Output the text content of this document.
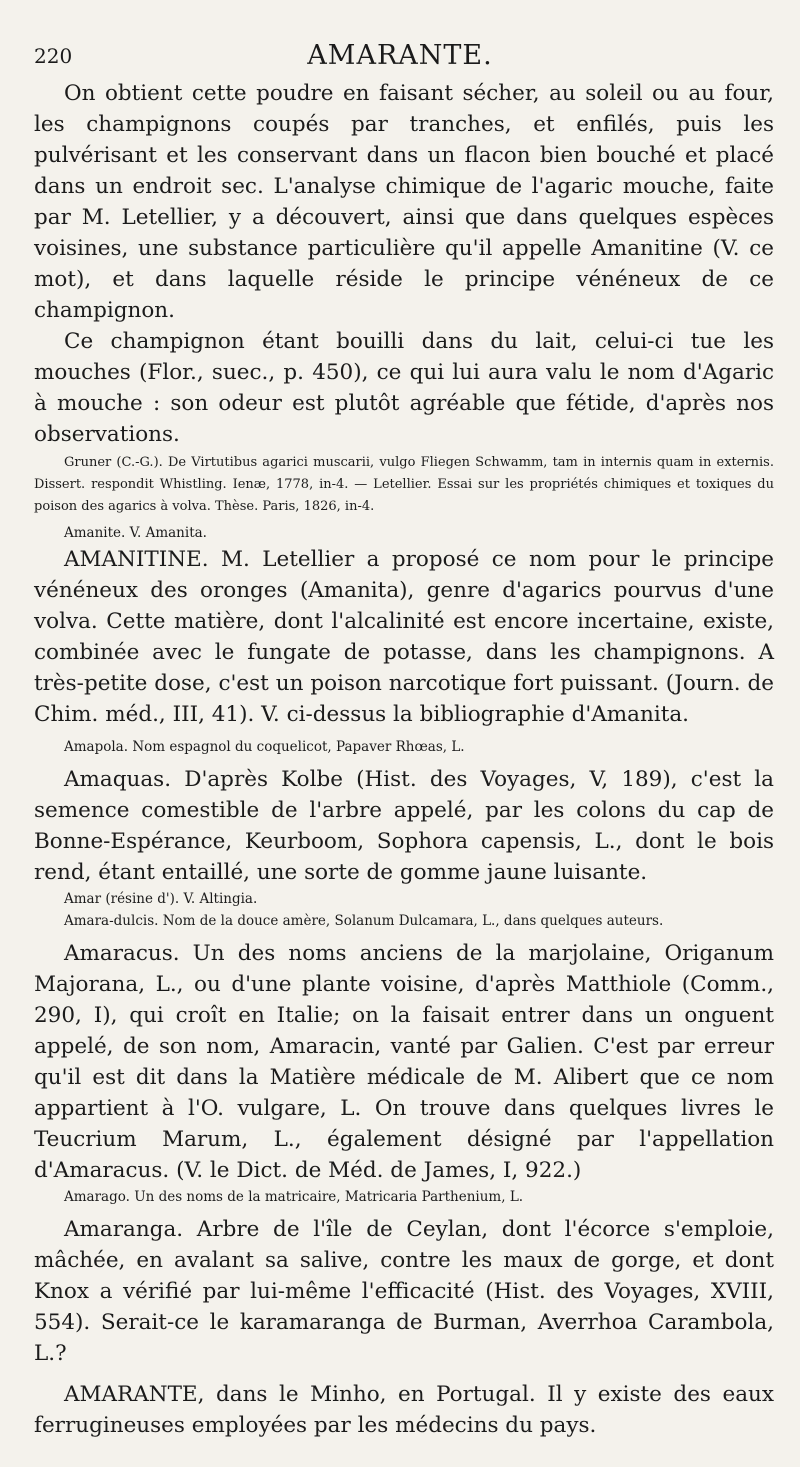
220	AMARANTE.

On obtient cette poudre en faisant sécher, au soleil ou au four, les champignons coupés par tranches, et enfilés, puis les pulvérisant et les conservant dans un flacon bien bouché et placé dans un endroit sec. L'analyse chimique de l'agaric mouche, faite par M. Letellier, y a découvert, ainsi que dans quelques espèces voisines, une substance particulière qu'il appelle Amanitine (V. ce mot), et dans laquelle réside le principe vénéneux de ce champignon.

Ce champignon étant bouilli dans du lait, celui-ci tue les mouches (Flor., suec., p. 450), ce qui lui aura valu le nom d'Agaric à mouche : son odeur est plutôt agréable que fétide, d'après nos observations.

Gruner (C.-G.). De Virtutibus agarici muscarii, vulgo Fliegen Schwamm, tam in internis quam in externis. Dissert. respondit Whistling. Ienæ, 1778, in-4. — Letellier. Essai sur les propriétés chimiques et toxiques du poison des agarics à volva. Thèse. Paris, 1826, in-4.

Amanite. V. Amanita.

AMANITINE. M. Letellier a proposé ce nom pour le principe vénéneux des oronges (Amanita), genre d'agarics pourvus d'une volva. Cette matière, dont l'alcalinité est encore incertaine, existe, combinée avec le fungate de potasse, dans les champignons. A très-petite dose, c'est un poison narcotique fort puissant. (Journ. de Chim. méd., III, 41). V. ci-dessus la bibliographie d'Amanita.

Amapola. Nom espagnol du coquelicot, Papaver Rhœas, L.

Amaquas. D'après Kolbe (Hist. des Voyages, V, 189), c'est la semence comestible de l'arbre appelé, par les colons du cap de Bonne-Espérance, Keurboom, Sophora capensis, L., dont le bois rend, étant entaillé, une sorte de gomme jaune luisante.

Amar (résine d'). V. Altingia.

Amara-dulcis. Nom de la douce amère, Solanum Dulcamara, L., dans quelques auteurs.

Amaracus. Un des noms anciens de la marjolaine, Origanum Majorana, L., ou d'une plante voisine, d'après Matthiole (Comm., 290, I), qui croît en Italie; on la faisait entrer dans un onguent appelé, de son nom, Amaracin, vanté par Galien. C'est par erreur qu'il est dit dans la Matière médicale de M. Alibert que ce nom appartient à l'O. vulgare, L. On trouve dans quelques livres le Teucrium Marum, L., également désigné par l'appellation d'Amaracus. (V. le Dict. de Méd. de James, I, 922.)

Amarago. Un des noms de la matricaire, Matricaria Parthenium, L.

Amaranga. Arbre de l'île de Ceylan, dont l'écorce s'emploie, mâchée, en avalant sa salive, contre les maux de gorge, et dont Knox a vérifié par lui-même l'efficacité (Hist. des Voyages, XVIII, 554). Serait-ce le karamaranga de Burman, Averrhoa Carambola, L.?

AMARANTE, dans le Minho, en Portugal. Il y existe des eaux ferrugineuses employées par les médecins du pays.
